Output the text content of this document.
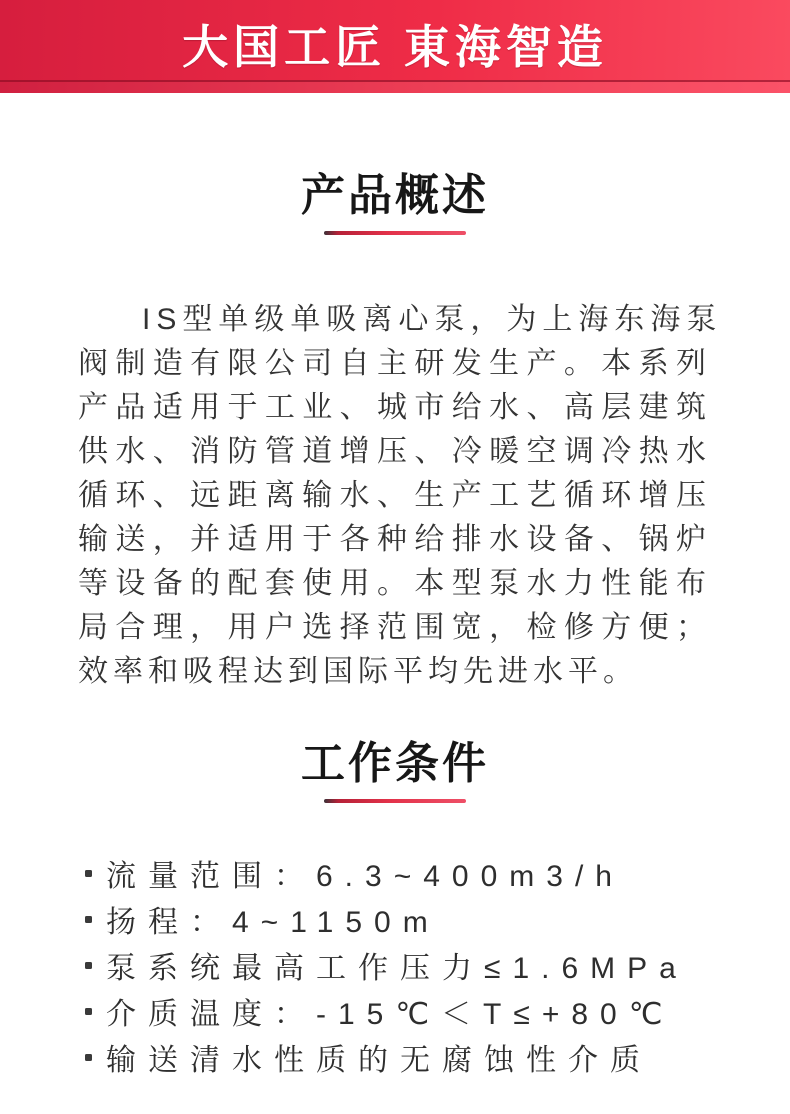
大国工匠 東海智造
产品概述
IS型单级单吸离心泵，为上海东海泵
阀制造有限公司自主研发生产。本系列
产品适用于工业、城市给水、高层建筑
供水、消防管道增压、冷暖空调冷热水
循环、远距离输水、生产工艺循环增压
输送，并适用于各种给排水设备、锅炉
等设备的配套使用。本型泵水力性能布
局合理，用户选择范围宽，检修方便；
效率和吸程达到国际平均先进水平。
工作条件
流量范围：6.3~400m3/h
扬程：4~1150m
泵系统最高工作压力≤1.6MPa
介质温度：-15℃＜T≤+80℃
输送清水性质的无腐蚀性介质
